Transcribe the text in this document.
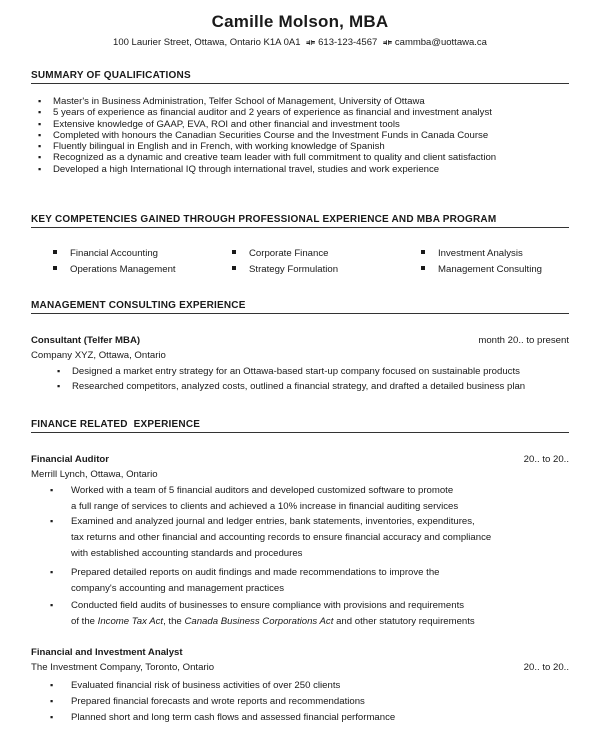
Camille Molson, MBA
100 Laurier Street, Ottawa, Ontario K1A 0A1 ⟚ 613-123-4567 ⟚ cammba@uottawa.ca
SUMMARY OF QUALIFICATIONS
▪ Master's in Business Administration, Telfer School of Management, University of Ottawa
▪ 5 years of experience as financial auditor and 2 years of experience as financial and investment analyst
▪ Extensive knowledge of GAAP, EVA, ROI and other financial and investment tools
▪ Completed with honours the Canadian Securities Course and the Investment Funds in Canada Course
▪ Fluently bilingual in English and in French, with working knowledge of Spanish
▪ Recognized as a dynamic and creative team leader with full commitment to quality and client satisfaction
▪ Developed a high International IQ through international travel, studies and work experience
KEY COMPETENCIES GAINED THROUGH PROFESSIONAL EXPERIENCE AND MBA PROGRAM
Financial Accounting
Operations Management
Corporate Finance
Strategy Formulation
Investment Analysis
Management Consulting
MANAGEMENT CONSULTING EXPERIENCE
Consultant (Telfer MBA)	month 20.. to present
Company XYZ, Ottawa, Ontario
▪ Designed a market entry strategy for an Ottawa-based start-up company focused on sustainable products
▪ Researched competitors, analyzed costs, outlined a financial strategy, and drafted a detailed business plan
FINANCE RELATED  EXPERIENCE
Financial Auditor	20.. to 20..
Merrill Lynch, Ottawa, Ontario
▪ Worked with a team of 5 financial auditors and developed customized software to promote
a full range of services to clients and achieved a 10% increase in financial auditing services
▪ Examined and analyzed journal and ledger entries, bank statements, inventories, expenditures,
tax returns and other financial and accounting records to ensure financial accuracy and compliance
with established accounting standards and procedures
▪ Prepared detailed reports on audit findings and made recommendations to improve the
company's accounting and management practices
▪ Conducted field audits of businesses to ensure compliance with provisions and requirements
of the Income Tax Act, the Canada Business Corporations Act and other statutory requirements
Financial and Investment Analyst
20.. to 20..
The Investment Company, Toronto, Ontario
▪ Evaluated financial risk of business activities of over 250 clients
▪ Prepared financial forecasts and wrote reports and recommendations
▪ Planned short and long term cash flows and assessed financial performance
